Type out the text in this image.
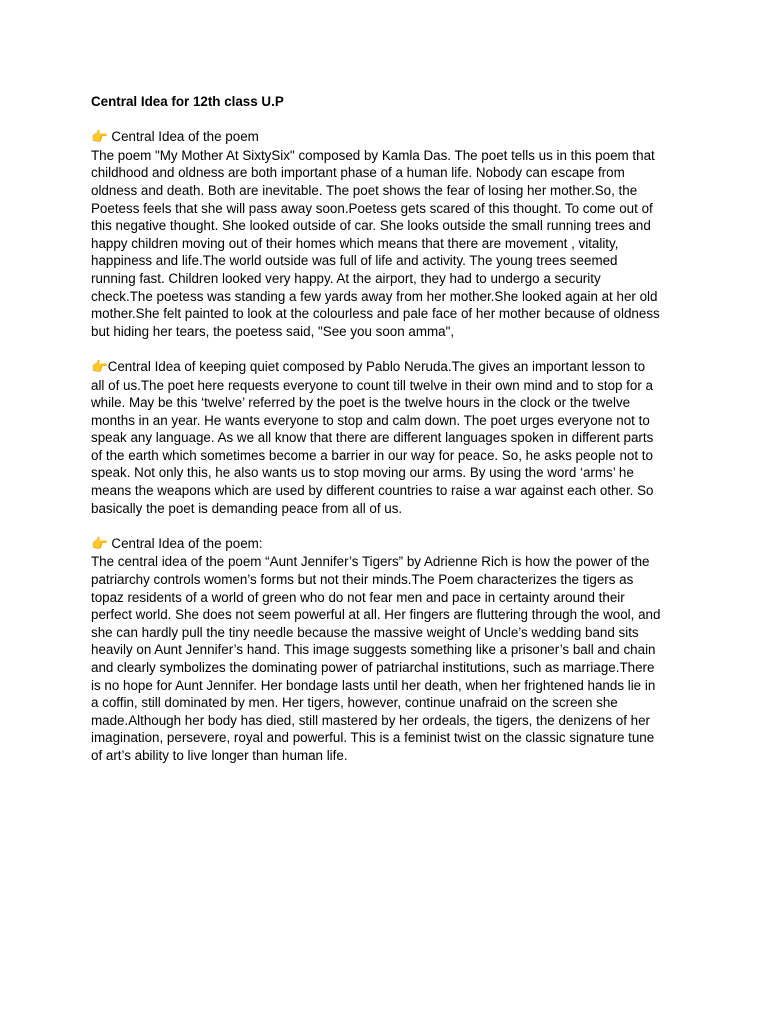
Central Idea for 12th class U.P

👉 Central Idea of the poem
The poem "My Mother At SixtySix" composed by Kamla Das. The poet tells us in this poem that
childhood and oldness are both important phase of a human life. Nobody can escape from
oldness and death. Both are inevitable. The poet shows the fear of losing her mother.So, the
Poetess feels that she will pass away soon.Poetess gets scared of this thought. To come out of
this negative thought. She looked outside of car. She looks outside the small running trees and
happy children moving out of their homes which means that there are movement , vitality,
happiness and life.The world outside was full of life and activity. The young trees seemed
running fast. Children looked very happy. At the airport, they had to undergo a security
check.The poetess was standing a few yards away from her mother.She looked again at her old
mother.She felt painted to look at the colourless and pale face of her mother because of oldness
but hiding her tears, the poetess said, "See you soon amma",
👉Central Idea of keeping quiet composed by Pablo Neruda.The gives an important lesson to
all of us.The poet here requests everyone to count till twelve in their own mind and to stop for a
while. May be this ‘twelve’ referred by the poet is the twelve hours in the clock or the twelve
months in an year. He wants everyone to stop and calm down. The poet urges everyone not to
speak any language. As we all know that there are different languages spoken in different parts
of the earth which sometimes become a barrier in our way for peace. So, he asks people not to
speak. Not only this, he also wants us to stop moving our arms. By using the word ‘arms’ he
means the weapons which are used by different countries to raise a war against each other. So
basically the poet is demanding peace from all of us.
👉 Central Idea of the poem:
The central idea of the poem “Aunt Jennifer’s Tigers” by Adrienne Rich is how the power of the
patriarchy controls women’s forms but not their minds.The Poem characterizes the tigers as
topaz residents of a world of green who do not fear men and pace in certainty around their
perfect world. She does not seem powerful at all. Her fingers are fluttering through the wool, and
she can hardly pull the tiny needle because the massive weight of Uncle’s wedding band sits
heavily on Aunt Jennifer’s hand. This image suggests something like a prisoner’s ball and chain
and clearly symbolizes the dominating power of patriarchal institutions, such as marriage.There
is no hope for Aunt Jennifer. Her bondage lasts until her death, when her frightened hands lie in
a coffin, still dominated by men. Her tigers, however, continue unafraid on the screen she
made.Although her body has died, still mastered by her ordeals, the tigers, the denizens of her
imagination, persevere, royal and powerful. This is a feminist twist on the classic signature tune
of art’s ability to live longer than human life.
